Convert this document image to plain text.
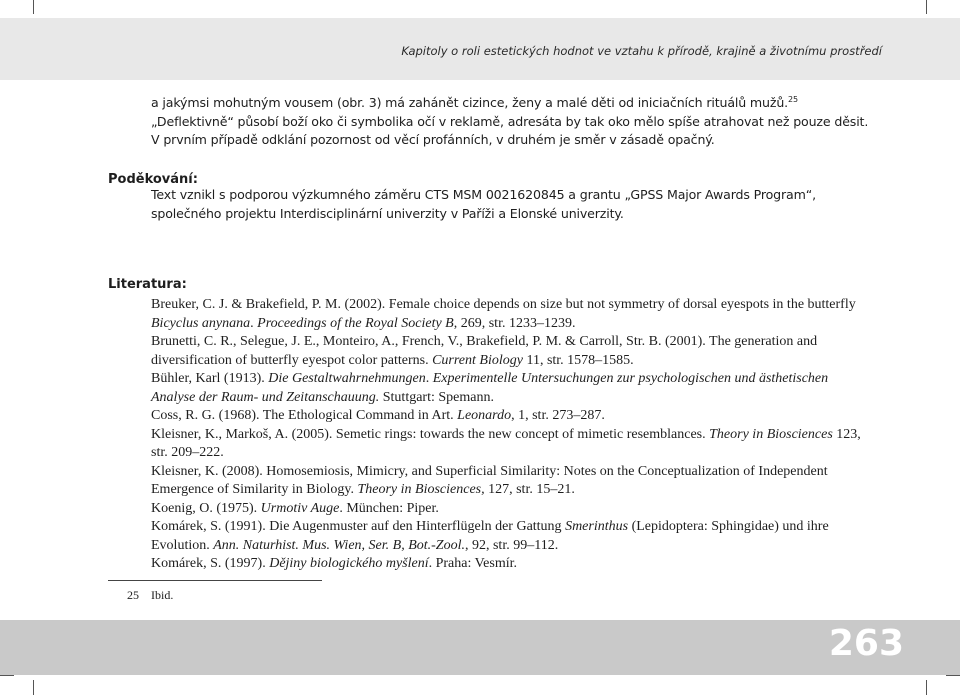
Kapitoly o roli estetických hodnot ve vztahu k přírodě, krajině a životnímu prostředí

a jakýmsi mohutným vousem (obr. 3) má zahánět cizince, ženy a malé děti od iniciačních rituálů mužů.$^{25}$ „Deflektivně“ působí boží oko či symbolika očí v reklamě, adresáta by tak oko mělo spíše atrahovat než pouze děsit. V prvním případě odklání pozornost od věcí profánních, v druhém je směr v zásadě opačný.

Poděkování:

Text vznikl s podporou výzkumného záměru CTS MSM 0021620845 a grantu „GPSS Major Awards Program“, společného projektu Interdisciplinární univerzity v Paříži a Elonské univerzity.

Literatura:

Breuker, C. J. & Brakefield, P. M. (2002). Female choice depends on size but not symmetry of dorsal eyespots in the butterfly Bicyclus anynana. Proceedings of the Royal Society B, 269, str. 1233–1239.

Brunetti, C. R., Selegue, J. E., Monteiro, A., French, V., Brakefield, P. M. & Carroll, Str. B. (2001). The generation and diversification of butterfly eyespot color patterns. Current Biology 11, str. 1578–1585.

Bühler, Karl (1913). Die Gestaltwahrnehmungen. Experimentelle Untersuchungen zur psychologischen und ästhetischen Analyse der Raum- und Zeitanschauung. Stuttgart: Spemann.

Coss, R. G. (1968). The Ethological Command in Art. Leonardo, 1, str. 273–287.

Kleisner, K., Markoš, A. (2005). Semetic rings: towards the new concept of mimetic resemblances. Theory in Biosciences 123, str. 209–222.

Kleisner, K. (2008). Homosemiosis, Mimicry, and Superficial Similarity: Notes on the Conceptualization of Independent Emergence of Similarity in Biology. Theory in Biosciences, 127, str. 15–21.

Koenig, O. (1975). Urmotiv Auge. München: Piper.

Komárek, S. (1991). Die Augenmuster auf den Hinterflügeln der Gattung Smerinthus (Lepidoptera: Sphingidae) und ihre Evolution. Ann. Naturhist. Mus. Wien, Ser. B, Bot.-Zool., 92, str. 99–112.

Komárek, S. (1997). Dějiny biologického myšlení. Praha: Vesmír.

25 Ibid.
263
